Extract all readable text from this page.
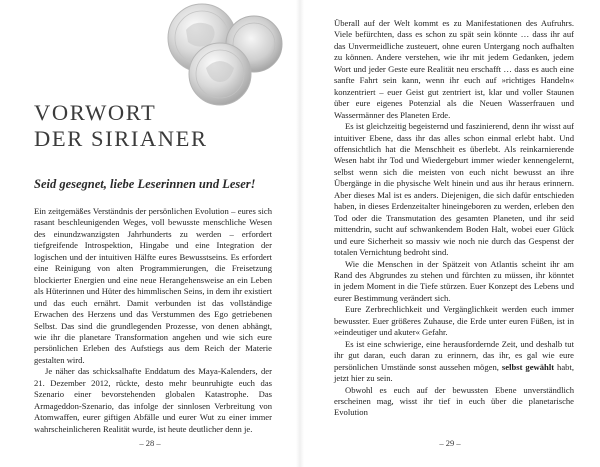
VORWORT
DER SIRIANER
Seid gesegnet, liebe Leserinnen und Leser!

Ein zeitgemäßes Verständnis der persönlichen Evolution – eures sich rasant beschleunigenden Weges, voll bewusste menschliche Wesen des einundzwanzigsten Jahrhunderts zu werden – erfordert tiefgreifende Introspektion, Hingabe und eine Integration der logischen und der intuitiven Hälfte eures Bewusstseins. Es erfordert eine Reinigung von alten Programmierungen, die Freisetzung blockierter Energien und eine neue Herangehensweise an ein Leben als Hüterinnen und Hüter des himmlischen Seins, in dem ihr existiert und das euch ernährt. Damit verbunden ist das vollständige Erwachen des Herzens und das Verstummen des Ego getriebenen Selbst. Das sind die grundlegenden Prozesse, von denen abhängt, wie ihr die planetare Transformation angehen und wie sich eure persönlichen Erleben des Aufstiegs aus dem Reich der Materie gestalten wird.

Je näher das schicksalhafte Enddatum des Maya-Kalenders, der 21. Dezember 2012, rückte, desto mehr beunruhigte euch das Szenario einer bevorstehenden globalen Katastrophe. Das Armageddon-Szenario, das infolge der sinnlosen Verbreitung von Atomwaffen, eurer giftigen Abfälle und eurer Wut zu einer immer wahrscheinlicheren Realität wurde, ist heute deutlicher denn je.

– 28 –

Überall auf der Welt kommt es zu Manifestationen des Aufruhrs. Viele befürchten, dass es schon zu spät sein könnte … dass ihr auf das Unvermeidliche zusteuert, ohne euren Untergang noch aufhalten zu können. Andere verstehen, wie ihr mit jedem Gedanken, jedem Wort und jeder Geste eure Realität neu erschafft … dass es auch eine sanfte Fahrt sein kann, wenn ihr euch auf »richtiges Handeln« konzentriert – euer Geist gut zentriert ist, klar und voller Staunen über eure eigenes Potenzial als die Neuen Wasserfrauen und Wassermänner des Planeten Erde.

Es ist gleichzeitig begeisternd und faszinierend, denn ihr wisst auf intuitiver Ebene, dass ihr das alles schon einmal erlebt habt. Und offensichtlich hat die Menschheit es überlebt. Als reinkarnierende Wesen habt ihr Tod und Wiedergeburt immer wieder kennengelernt, selbst wenn sich die meisten von euch nicht bewusst an ihre Übergänge in die physische Welt hinein und aus ihr heraus erinnern. Aber dieses Mal ist es anders. Diejenigen, die sich dafür entschieden haben, in dieses Erdenzeitalter hineingeboren zu werden, erleben den Tod oder die Transmutation des gesamten Planeten, und ihr seid mittendrin, sucht auf schwankendem Boden Halt, wobei euer Glück und eure Sicherheit so massiv wie noch nie durch das Gespenst der totalen Vernichtung bedroht sind.

Wie die Menschen in der Spätzeit von Atlantis scheint ihr am Rand des Abgrundes zu stehen und fürchten zu müssen, ihr könntet in jedem Moment in die Tiefe stürzen. Euer Konzept des Lebens und eurer Bestimmung verändert sich.

Eure Zerbrechlichkeit und Vergänglichkeit werden euch immer bewusster. Euer größeres Zuhause, die Erde unter euren Füßen, ist in »eindeutiger und akuter« Gefahr.

Es ist eine schwierige, eine herausfordernde Zeit, und deshalb tut ihr gut daran, euch daran zu erinnern, das ihr, es gal wie eure persönlichen Umstände sonst aussehen mögen, selbst gewählt habt, jetzt hier zu sein.

Obwohl es euch auf der bewussten Ebene unverständlich erscheinen mag, wisst ihr tief in euch über die planetarische Evolution

– 29 –
